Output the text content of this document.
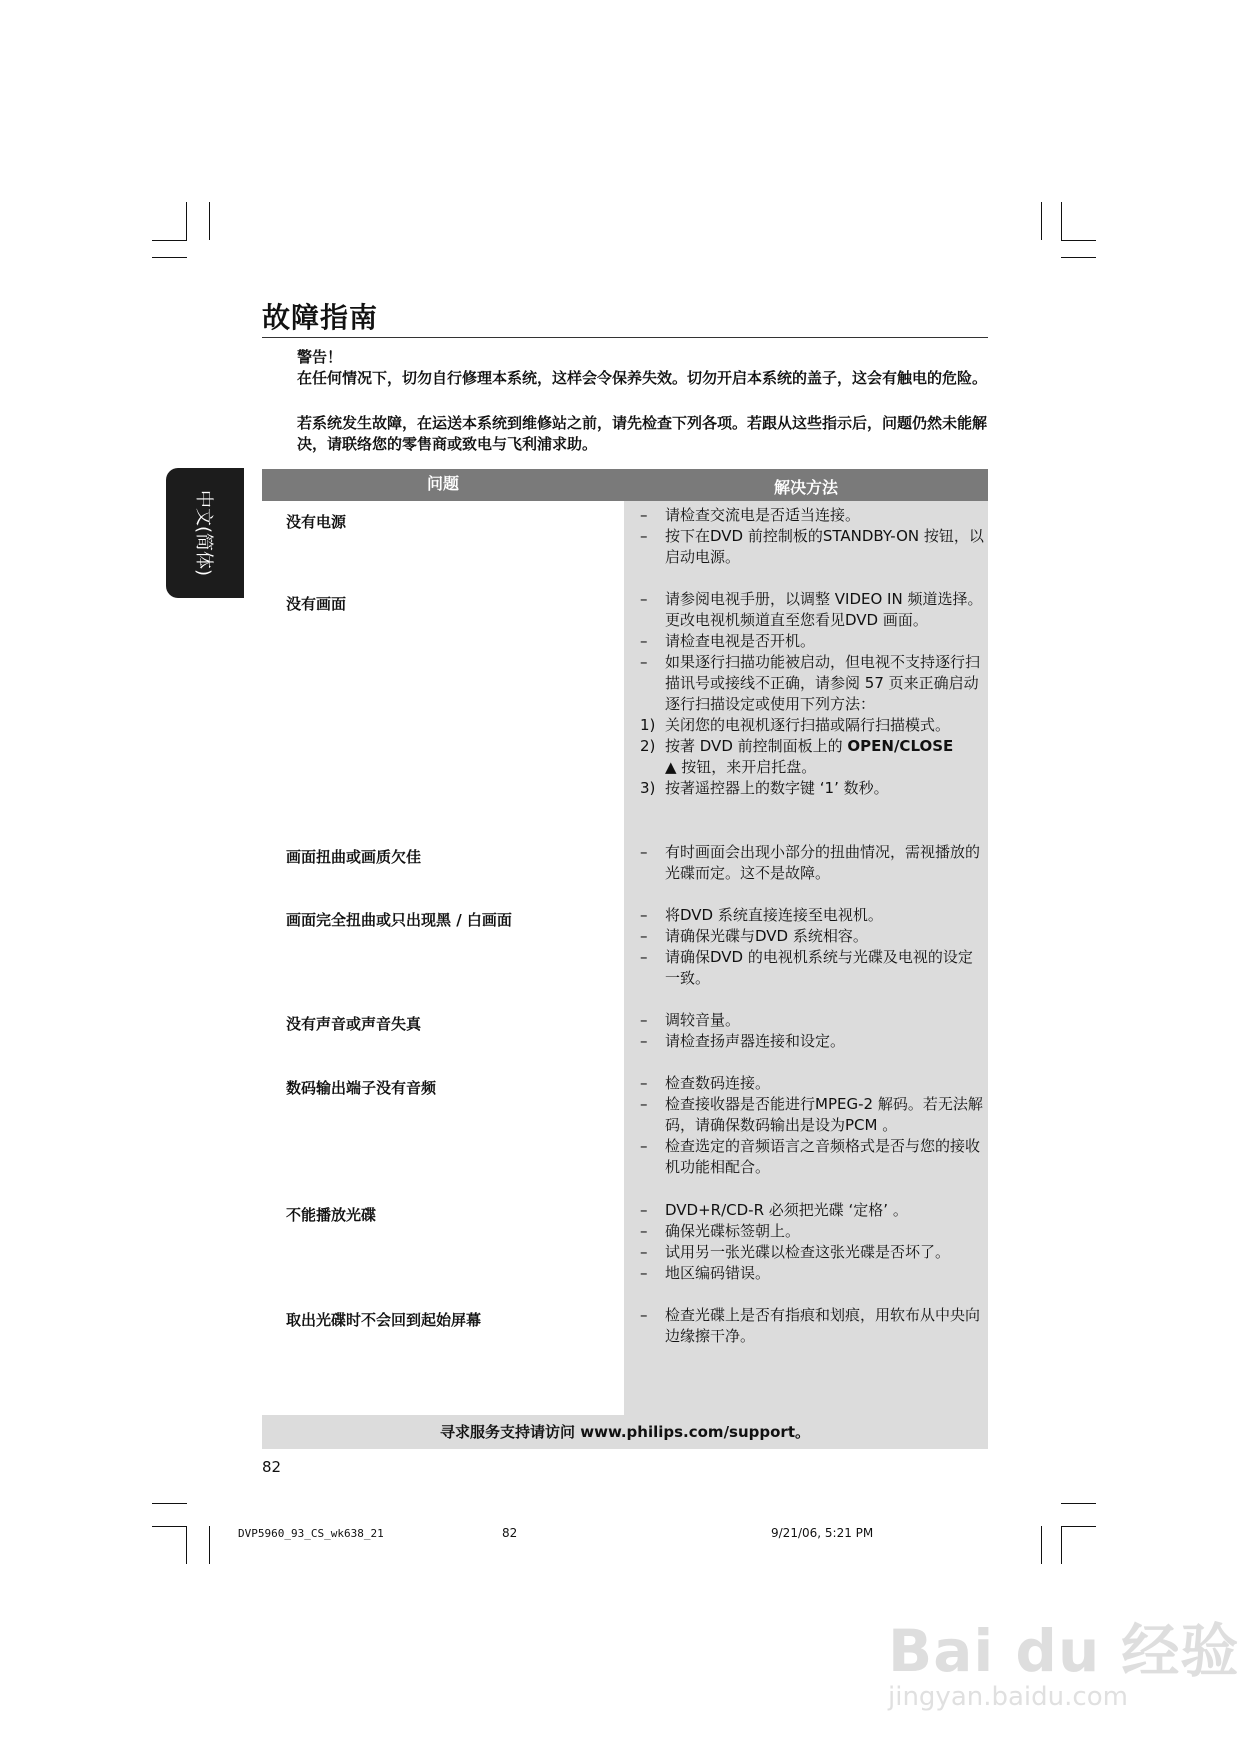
故障指南
警告！
在任何情况下，切勿自行修理本系统，这样会令保养失效。切勿开启本系统的盖子，这会有触电的危险。
若系统发生故障，在运送本系统到维修站之前，请先检查下列各项。若跟从这些指示后，问题仍然未能解决，请联络您的零售商或致电与飞利浦求助。
中文(简体)
问题	解决方法
没有电源	– 请检查交流电是否适当连接。
– 按下在DVD 前控制板的STANDBY-ON 按钮，以启动电源。
没有画面	– 请参阅电视手册，以调整 VIDEO IN 频道选择。更改电视机频道直至您看见DVD 画面。
– 请检查电视是否开机。
– 如果逐行扫描功能被启动，但电视不支持逐行扫描讯号或接线不正确，请参阅 57 页来正确启动逐行扫描设定或使用下列方法：
1) 关闭您的电视机逐行扫描或隔行扫描模式。
2) 按著 DVD 前控制面板上的 OPEN/CLOSE
▲ 按钮，来开启托盘。
3) 按著遥控器上的数字键 ‘1’ 数秒。
画面扭曲或画质欠佳	– 有时画面会出现小部分的扭曲情况，需视播放的光碟而定。这不是故障。
画面完全扭曲或只出现黑 / 白画面	– 将DVD 系统直接连接至电视机。
– 请确保光碟与DVD 系统相容。
– 请确保DVD 的电视机系统与光碟及电视的设定一致。
没有声音或声音失真	– 调较音量。
– 请检查扬声器连接和设定。
数码输出端子没有音频	– 检查数码连接。
– 检查接收器是否能进行MPEG-2 解码。若无法解码，请确保数码输出是设为PCM 。
– 检查选定的音频语言之音频格式是否与您的接收机功能相配合。
不能播放光碟	– DVD+R/CD-R 必须把光碟 ‘定格’ 。
– 确保光碟标签朝上。
– 试用另一张光碟以检查这张光碟是否坏了。
– 地区编码错误。
取出光碟时不会回到起始屏幕	– 检查光碟上是否有指痕和划痕，用软布从中央向边缘擦干净。
寻求服务支持请访问 www.philips.com/support。
82
DVP5960_93_CS_wk638_21	82	9/21/06, 5:21 PM
Bai du 经验
jingyan.baidu.com
